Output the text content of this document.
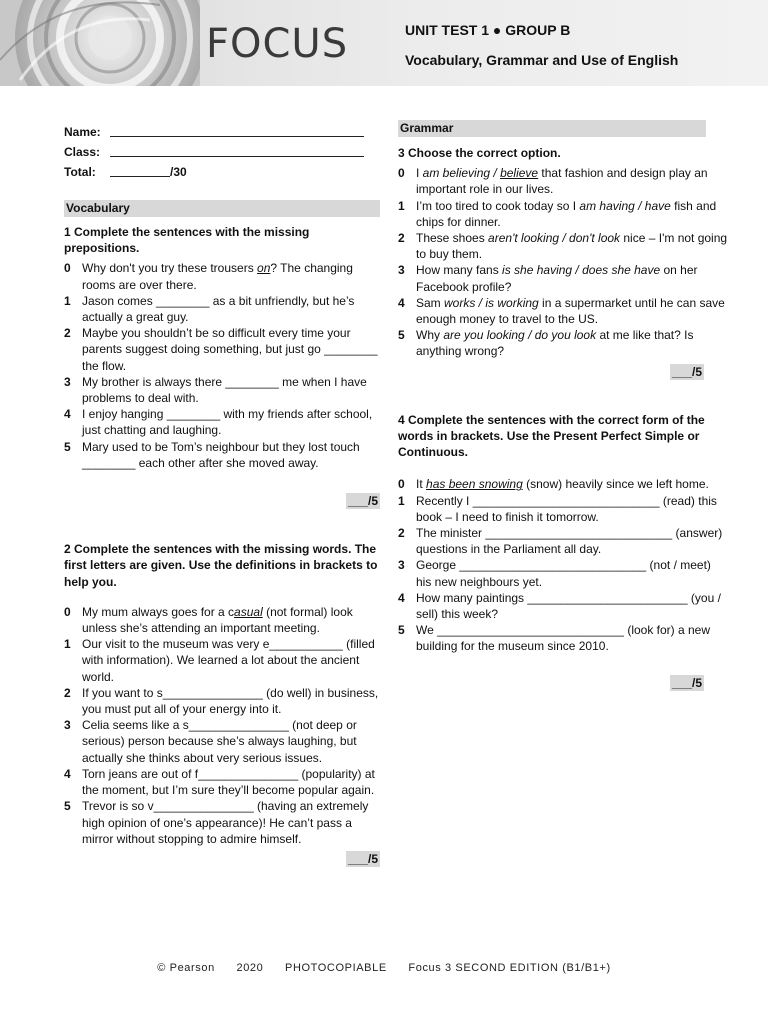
FOCUS	UNIT TEST 1 ● GROUP B
Vocabulary, Grammar and Use of English
Name:
Class:
Total:	/30
Vocabulary

1 Complete the sentences with the missing prepositions.

0 Why don't you try these trousers on? The changing rooms are over there.
1 Jason comes ________ as a bit unfriendly, but he’s actually a great guy.
2 Maybe you shouldn’t be so difficult every time your parents suggest doing something, but just go ________ the flow.
3 My brother is always there ________ me when I have problems to deal with.
4 I enjoy hanging ________ with my friends after school, just chatting and laughing.
5 Mary used to be Tom’s neighbour but they lost touch ________ each other after she moved away.
___/5

2 Complete the sentences with the missing words. The first letters are given. Use the definitions in brackets to help you.

0 My mum always goes for a casual (not formal) look unless she’s attending an important meeting.
1 Our visit to the museum was very e___________ (filled with information). We learned a lot about the ancient world.
2 If you want to s_______________ (do well) in business, you must put all of your energy into it.
3 Celia seems like a s_______________ (not deep or serious) person because she’s always laughing, but actually she thinks about very serious issues.
4 Torn jeans are out of f_______________ (popularity) at the moment, but I’m sure they’ll become popular again.
5 Trevor is so v_______________ (having an extremely high opinion of one’s appearance)! He can’t pass a mirror without stopping to admire himself.
___/5
Grammar

3 Choose the correct option.

0 I am believing / believe that fashion and design play an important role in our lives.
1 I’m too tired to cook today so I am having / have fish and chips for dinner.
2 These shoes aren't looking / don't look nice – I'm not going to buy them.
3 How many fans is she having / does she have on her Facebook profile?
4 Sam works / is working in a supermarket until he can save enough money to travel to the US.
5 Why are you looking / do you look at me like that? Is anything wrong?
___/5

4 Complete the sentences with the correct form of the words in brackets. Use the Present Perfect Simple or Continuous.

0 It has been snowing (snow) heavily since we left home.
1 Recently I ____________________________ (read) this book – I need to finish it tomorrow.
2 The minister ____________________________ (answer) questions in the Parliament all day.
3 George ____________________________ (not / meet) his new neighbours yet.
4 How many paintings ________________________ (you / sell) this week?
5 We ____________________________ (look for) a new building for the museum since 2010.
___/5
© Pearson 2020 PHOTOCOPIABLE Focus 3 SECOND EDITION (B1/B1+)
